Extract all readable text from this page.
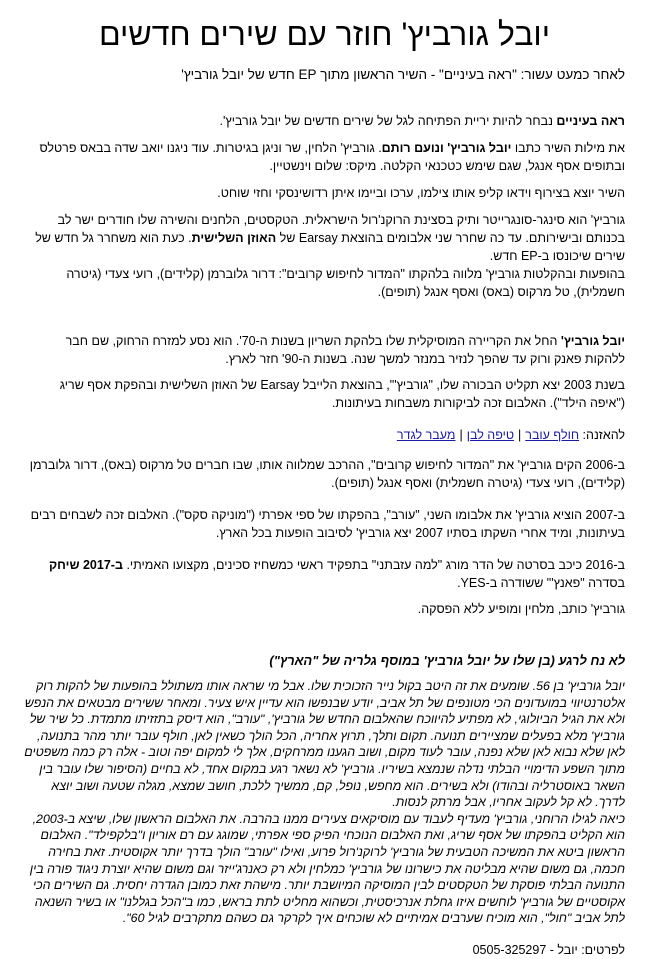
יובל גורביץ' חוזר עם שירים חדשים
לאחר כמעט עשור: "ראה בעיניים" - השיר הראשון מתוך EP חדש של יובל גורביץ'

ראה בעיניים נבחר להיות יריית הפתיחה לגל של שירים חדשים של יובל גורביץ'.

את מילות השיר כתבו יובל גורביץ' ונועם רותם. גורביץ' הלחין, שר וניגן בגיטרות. עוד ניגנו יואב שדה בבאס פרטלס ובתופים אסף אנגל, שגם שימש כטכנאי הקלטה. מיקס: שלום וינשטיין.

השיר יוצא בצירוף וידאו קליפ אותו צילמו, ערכו וביימו איתן רדושינסקי וחזי שוחט.

גורביץ' הוא סינגר-סונגרייטר ותיק בסצינת הרוקנ'רול הישראלית. הטקסטים, הלחנים והשירה שלו חודרים ישר לב בכנותם ובישירותם. עד כה שחרר שני אלבומים בהוצאת Earsay של האוזן השלישית. כעת הוא משחרר גל חדש של שירים שיכונסו ב-EP חדש.

בהופעות ובהקלטות גורביץ' מלווה בלהקתו "המדור לחיפוש קרובים": דרור גלוברמן (קלידים), רועי צעדי (גיטרה חשמלית), טל מרקוס (באס) ואסף אנגל (תופים).

יובל גורביץ' החל את הקריירה המוסיקלית שלו בלהקת השריון בשנות ה-70'. הוא נסע למזרח הרחוק, שם חבר ללהקות פאנק ורוק עד שהפך לנזיר במנזר למשך שנה. בשנות ה-90' חזר לארץ.

בשנת 2003 יצא תקליט הבכורה שלו, "גורביץ'", בהוצאת הלייבל Earsay של האוזן השלישית ובהפקת אסף שריג ("איפה הילד"). האלבום זכה לביקורות משבחות בעיתונות.

להאזנה: חולף עובר|טיפה לבן|מעבר לגדר

ב-2006 הקים גורביץ' את "המדור לחיפוש קרובים", ההרכב שמלווה אותו, שבו חברים טל מרקוס (באס), דרור גלוברמן (קלידים), רועי צעדי (גיטרה חשמלית) ואסף אנגל (תופים).

ב-2007 הוציא גורביץ' את אלבומו השני, "עורב", בהפקתו של ספי אפרתי ("מוניקה סקס"). האלבום זכה לשבחים רבים בעיתונות, ומיד אחרי השקתו בסתיו 2007 יצא גורביץ' לסיבוב הופעות בכל הארץ.

ב-2016 כיכב בסרטה של הדר מורג "למה עזבתני" בתפקיד ראשי כמשחיז סכינים, מקצועו האמיתי. ב-2017 שיחק בסדרה "פאנץ'" ששודרה ב-YES.

גורביץ' כותב, מלחין ומופיע ללא הפסקה.

לא נח לרגע (בן שלו על יובל גורביץ' במוסף גלריה של "הארץ")

יובל גורביץ' בן 56. שומעים את זה היטב בקול נייר הזכוכית שלו. אבל מי שראה אותו משתולל בהופעות של להקות רוק אלטרנטיווי במועדונים הכי מטונפים של תל אביב, יודע שבנפשו הוא עדיין איש צעיר. ומאחר ששירים מבטאים את הנפש ולא את הגיל הביולוגי, לא מפתיע להיווכח שהאלבום החדש של גורביץ', "עורב", הוא דיסק בתזזיתו מתמדת. כל שיר של גורביץ' מלא בפעלים שמציירים תנועה. תקום ותלך, תרוץ אחריה, הכל הולך כשאין לאן, חולף עובר יותר מהר בתנועה, לאן שלא נבוא לאן שלא נפנה, עובר לעוד מקום, ושוב הגענו ממרחקים, אלך לי למקום יפה וטוב - אלה רק כמה משפטים מתוך השפע הדימויי הבלתי נדלה שנמצא בשיריו. גורביץ' לא נשאר רגע במקום אחד, לא בחיים (הסיפור שלו עובר בין השאר באוסטרליה ובהודו) ולא בשירים. הוא מחפש, נופל, קם, ממשיך ללכת, חושב שמצא, מגלה שטעה ושוב יוצא לדרך. לא קל לעקוב אחריו, אבל מרתק לנסות.

כיאה לגילו הרוחני, גורביץ' מעדיף לעבוד עם מוסיקאים צעירים ממנו בהרבה. את האלבום הראשון שלו, שיצא ב-2003, הוא הקליט בהפקתו של אסף שריג, ואת האלבום הנוכחי הפיק ספי אפרתי, שמוגג עם רם אוריון ו"בלקפילד". האלבום הראשון ביטא את המשיכה הטבעית של גורביץ' לרוקנ'רול פרוע, ואילו "עורב" הולך בדרך יותר אקוסטית. זאת בחירה חכמה, גם משום שהיא מבליטה את כישרונו של גורביץ' כמלחין ולא רק כאנרג'ייזר וגם משום שהיא יוצרת ניגוד פורה בין התנועה הבלתי פוסקת של הטקסטים לבין המוסיקה המיושבת יותר. מישהת זאת כמובן הגדרה יחסית. גם השירים הכי אקוסטיים של גורביץ' לוחשים איזו גחלת אנרכיסטית, וכשהוא מחליט לתת בראש, כמו ב"הכל בגללנו" או בשיר השנאה לתל אביב "חול", הוא מוכיח שערבים אמיתיים לא שוכחים איך לקרקר גם כשהם מתקרבים לגיל 60".

לפרטים: יובל - 0505-325297
